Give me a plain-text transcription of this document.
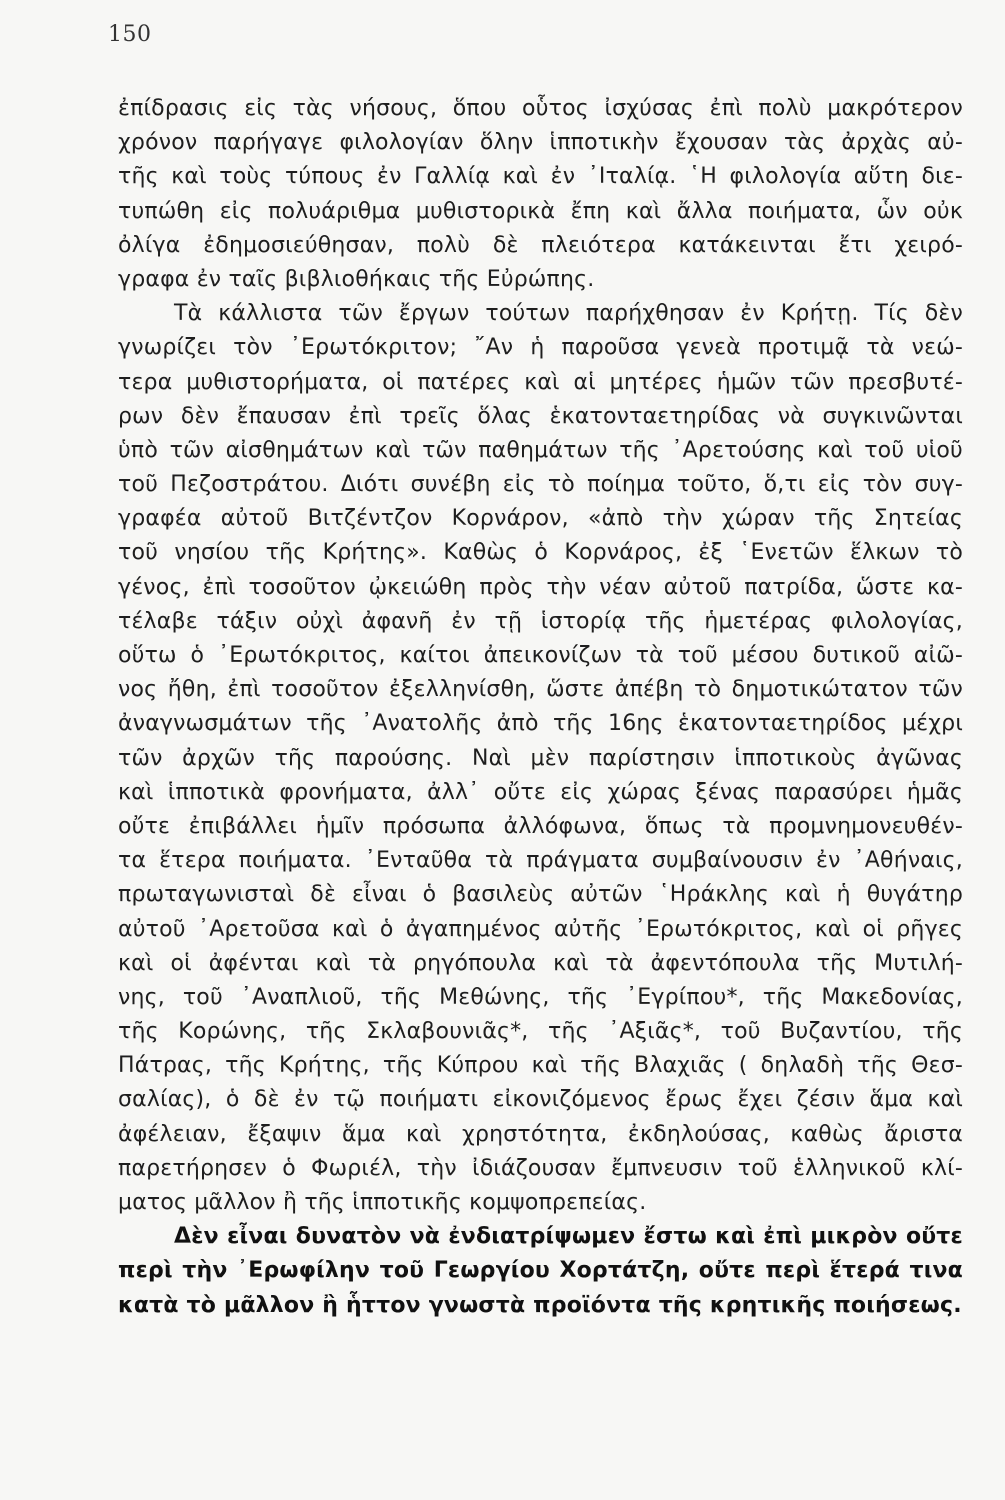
150
ἐπίδρασις εἰς τὰς νήσους, ὅπου οὗτος ἰσχύσας ἐπὶ πολὺ μακρότερον
χρόνον παρήγαγε φιλολογίαν ὅλην ἱπποτικὴν ἔχουσαν τὰς ἀρχὰς αὐ-
τῆς καὶ τοὺς τύπους ἐν Γαλλίᾳ καὶ ἐν ᾿Ιταλίᾳ. ῾Η φιλολογία αὕτη διε-
τυπώθη εἰς πολυάριθμα μυθιστορικὰ ἔπη καὶ ἄλλα ποιήματα, ὧν οὐκ
ὀλίγα ἐδημοσιεύθησαν, πολὺ δὲ πλειότερα κατάκεινται ἔτι χειρό-
γραφα ἐν ταῖς βιβλιοθήκαις τῆς Εὐρώπης.
Τὰ κάλλιστα τῶν ἔργων τούτων παρήχθησαν ἐν Κρήτῃ. Τίς δὲν
γνωρίζει τὸν ᾿Ερωτόκριτον; ῎Αν ἡ παροῦσα γενεὰ προτιμᾷ τὰ νεώ-
τερα μυθιστορήματα, οἱ πατέρες καὶ αἱ μητέρες ἡμῶν τῶν πρεσβυτέ-
ρων δὲν ἔπαυσαν ἐπὶ τρεῖς ὅλας ἑκατονταετηρίδας νὰ συγκινῶνται
ὑπὸ τῶν αἰσθημάτων καὶ τῶν παθημάτων τῆς ᾿Αρετούσης καὶ τοῦ υἱοῦ
τοῦ Πεζοστράτου. Διότι συνέβη εἰς τὸ ποίημα τοῦτο, ὅ,τι εἰς τὸν συγ-
γραφέα αὐτοῦ Βιτζέντζον Κορνάρον, «ἀπὸ τὴν χώραν τῆς Σητείας
τοῦ νησίου τῆς Κρήτης». Καθὼς ὁ Κορνάρος, ἐξ ῾Ενετῶν ἕλκων τὸ
γένος, ἐπὶ τοσοῦτον ᾠκειώθη πρὸς τὴν νέαν αὐτοῦ πατρίδα, ὥστε κα-
τέλαβε τάξιν οὐχὶ ἀφανῆ ἐν τῇ ἱστορίᾳ τῆς ἡμετέρας φιλολογίας,
οὕτω ὁ ᾿Ερωτόκριτος, καίτοι ἀπεικονίζων τὰ τοῦ μέσου δυτικοῦ αἰῶ-
νος ἤθη, ἐπὶ τοσοῦτον ἐξελληνίσθη, ὥστε ἀπέβη τὸ δημοτικώτατον τῶν
ἀναγνωσμάτων τῆς ᾿Ανατολῆς ἀπὸ τῆς 16ης ἑκατονταετηρίδος μέχρι
τῶν ἀρχῶν τῆς παρούσης. Ναὶ μὲν παρίστησιν ἱπποτικοὺς ἀγῶνας
καὶ ἱπποτικὰ φρονήματα, ἀλλ᾿ οὔτε εἰς χώρας ξένας παρασύρει ἡμᾶς
οὔτε ἐπιβάλλει ἡμῖν πρόσωπα ἀλλόφωνα, ὅπως τὰ προμνημονευθέν-
τα ἕτερα ποιήματα. ᾿Ενταῦθα τὰ πράγματα συμβαίνουσιν ἐν ᾿Αθήναις,
πρωταγωνισταὶ δὲ εἶναι ὁ βασιλεὺς αὐτῶν ῾Ηράκλης καὶ ἡ θυγάτηρ
αὐτοῦ ᾿Αρετοῦσα καὶ ὁ ἀγαπημένος αὐτῆς ᾿Ερωτόκριτος, καὶ οἱ ρῆγες
καὶ οἱ ἀφένται καὶ τὰ ρηγόπουλα καὶ τὰ ἀφεντόπουλα τῆς Μυτιλή-
νης, τοῦ ᾿Αναπλιοῦ, τῆς Μεθώνης, τῆς ᾿Εγρίπου*, τῆς Μακεδονίας,
τῆς Κορώνης, τῆς Σκλαβουνιᾶς*, τῆς ᾿Αξιᾶς*, τοῦ Βυζαντίου, τῆς
Πάτρας, τῆς Κρήτης, τῆς Κύπρου καὶ τῆς Βλαχιᾶς ( δηλαδὴ τῆς Θεσ-
σαλίας), ὁ δὲ ἐν τῷ ποιήματι εἰκονιζόμενος ἔρως ἔχει ζέσιν ἅμα καὶ
ἀφέλειαν, ἔξαψιν ἅμα καὶ χρηστότητα, ἐκδηλούσας, καθὼς ἄριστα
παρετήρησεν ὁ Φωριέλ, τὴν ἰδιάζουσαν ἔμπνευσιν τοῦ ἑλληνικοῦ κλί-
ματος μᾶλλον ἢ τῆς ἱπποτικῆς κομψοπρεπείας.
Δὲν εἶναι δυνατὸν νὰ ἐνδιατρίψωμεν ἔστω καὶ ἐπὶ μικρὸν οὔτε
περὶ τὴν ᾿Ερωφίλην τοῦ Γεωργίου Χορτάτζη, οὔτε περὶ ἕτερά τινα
κατὰ τὸ μᾶλλον ἢ ἧττον γνωστὰ προϊόντα τῆς κρητικῆς ποιήσεως.
